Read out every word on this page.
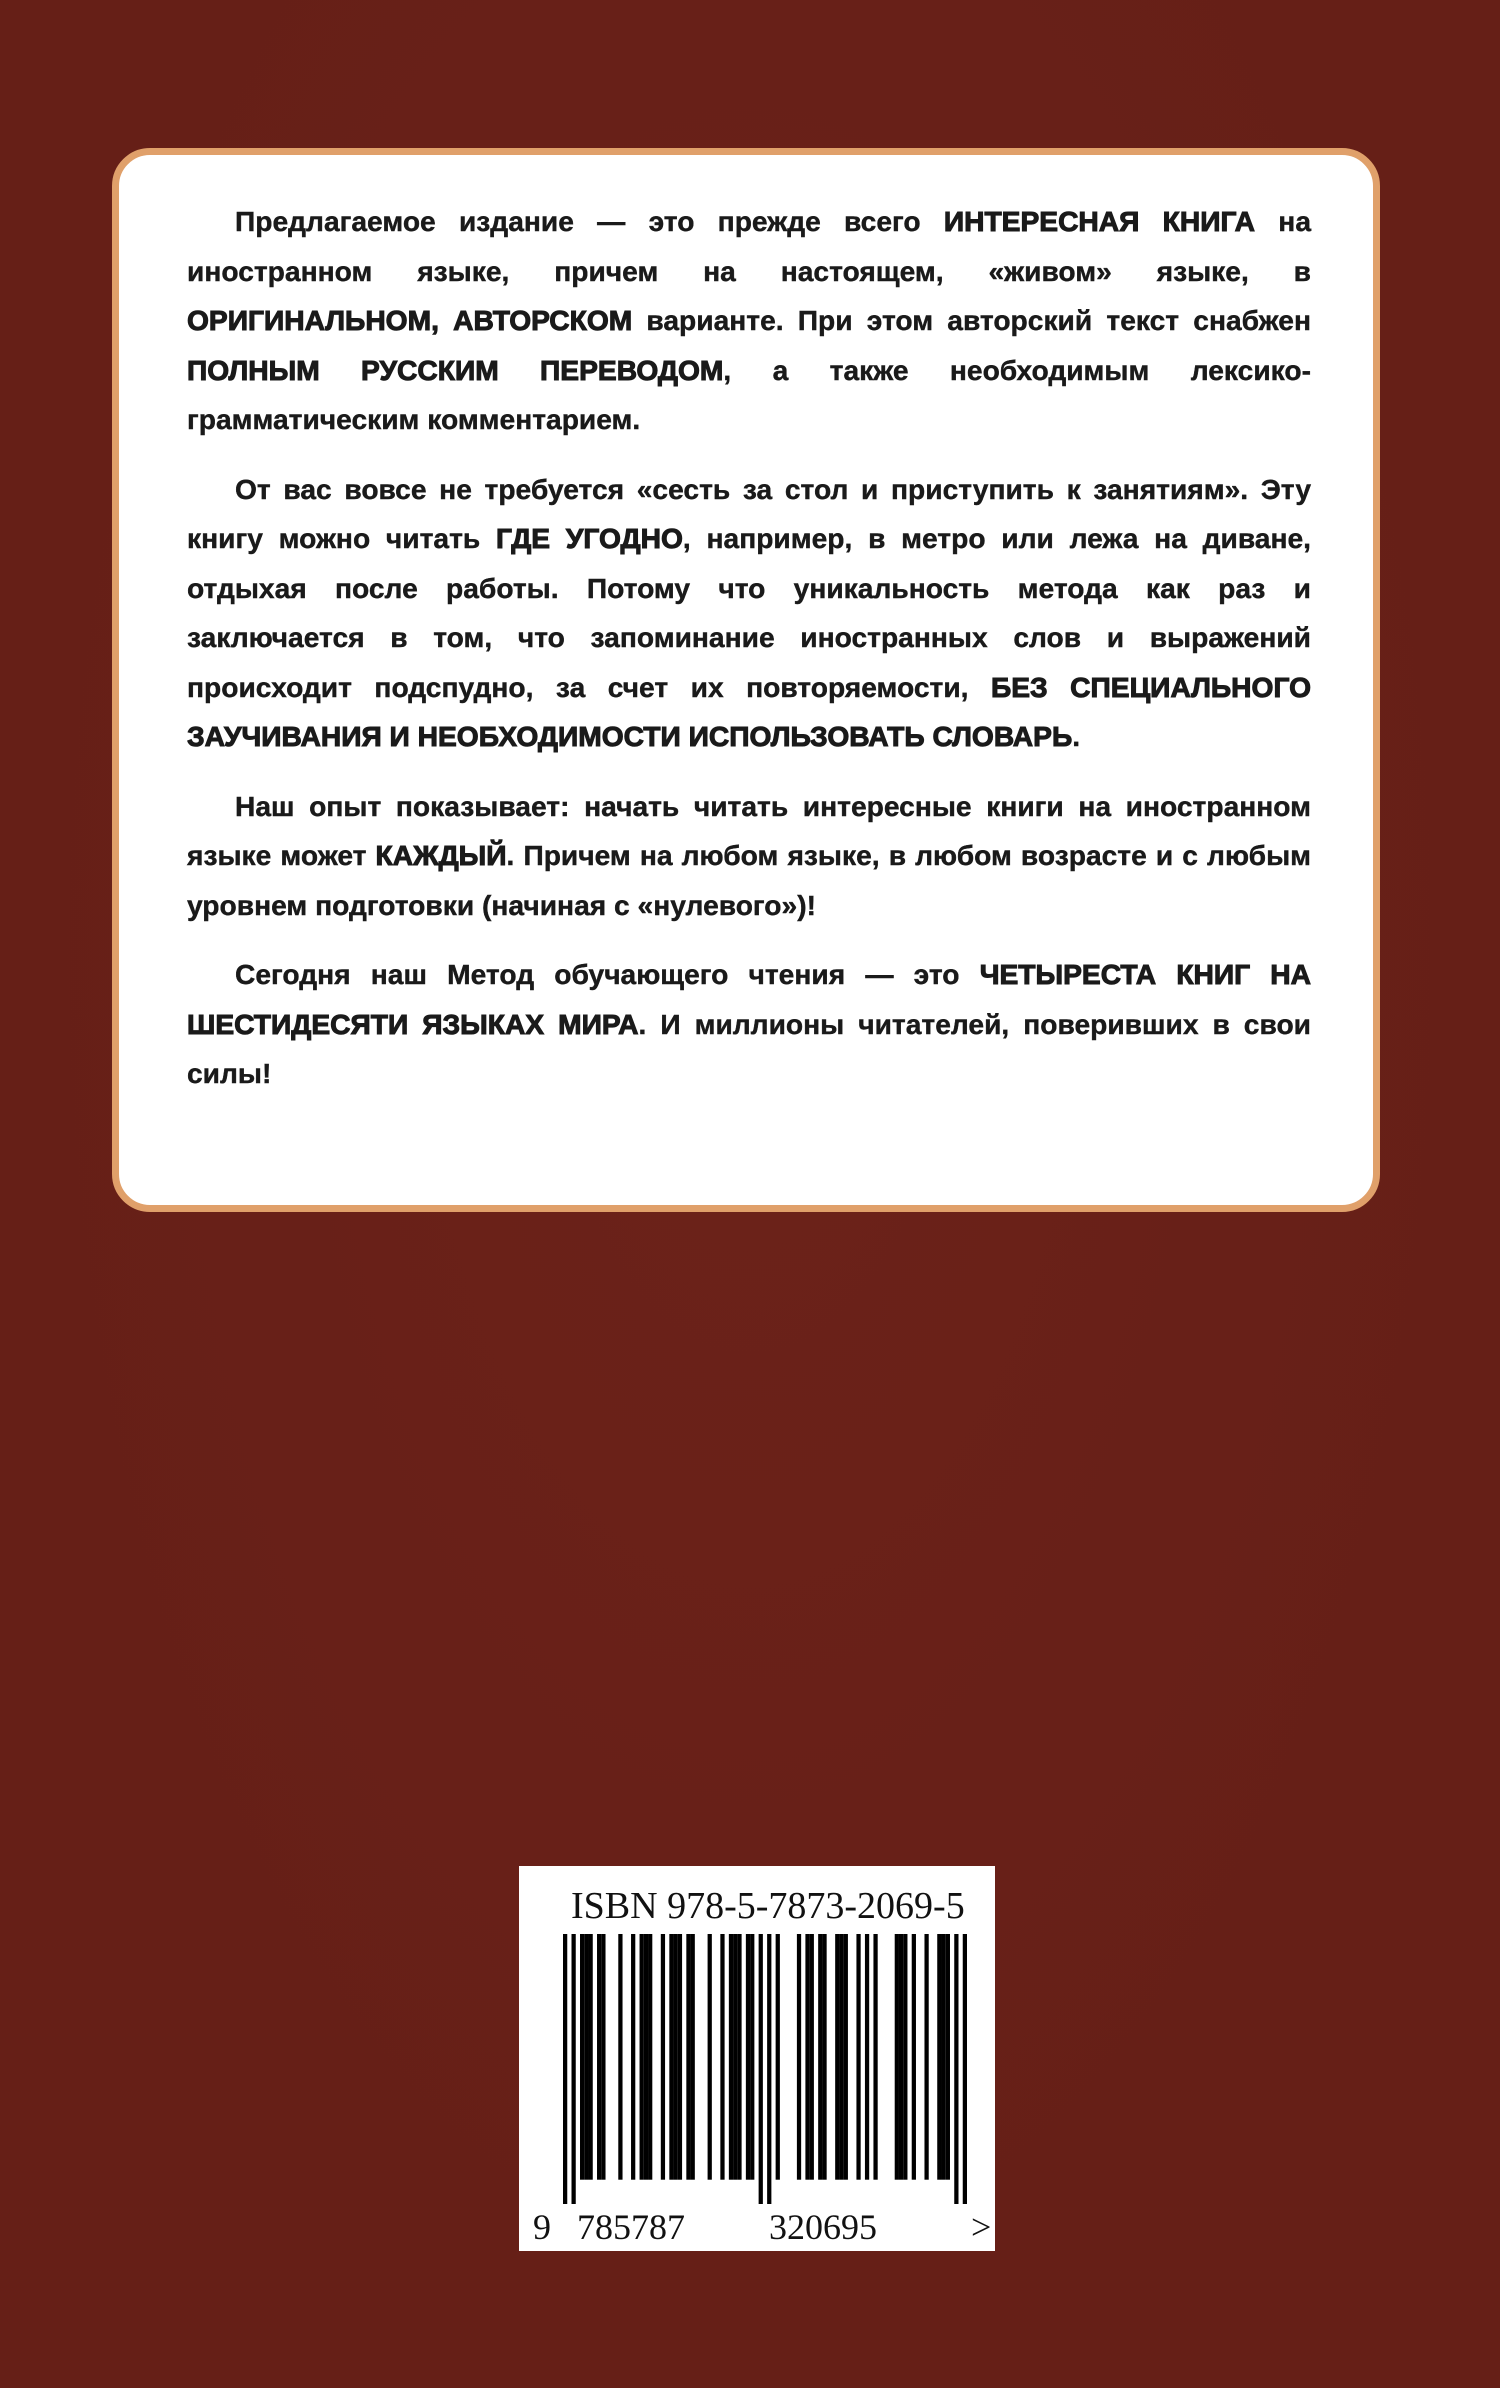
Предлагаемое издание — это прежде всего ИНТЕРЕСНАЯ КНИГА на иностранном языке, причем на настоящем, «живом» языке, в ОРИГИНАЛЬНОМ, АВТОРСКОМ варианте. При этом авторский текст снабжен ПОЛНЫМ РУССКИМ ПЕРЕВОДОМ, а также необходимым лексико-грамматическим комментарием.

От вас вовсе не требуется «сесть за стол и приступить к занятиям». Эту книгу можно читать ГДЕ УГОДНО, например, в метро или лежа на диване, отдыхая после работы. Потому что уникальность метода как раз и заключается в том, что запоминание иностранных слов и выражений происходит подспудно, за счет их повторяемости, БЕЗ СПЕЦИАЛЬНОГО ЗАУЧИВАНИЯ И НЕОБХОДИМОСТИ ИСПОЛЬЗОВАТЬ СЛОВАРЬ.

Наш опыт показывает: начать читать интересные книги на иностранном языке может КАЖДЫЙ. Причем на любом языке, в любом возрасте и с любым уровнем подготовки (начиная с «нулевого»)!

Сегодня наш Метод обучающего чтения — это ЧЕТЫРЕСТА КНИГ НА ШЕСТИДЕСЯТИ ЯЗЫКАХ МИРА. И миллионы читателей, поверивших в свои силы!

ISBN 978-5-7873-2069-5
9 785787 320695	>
